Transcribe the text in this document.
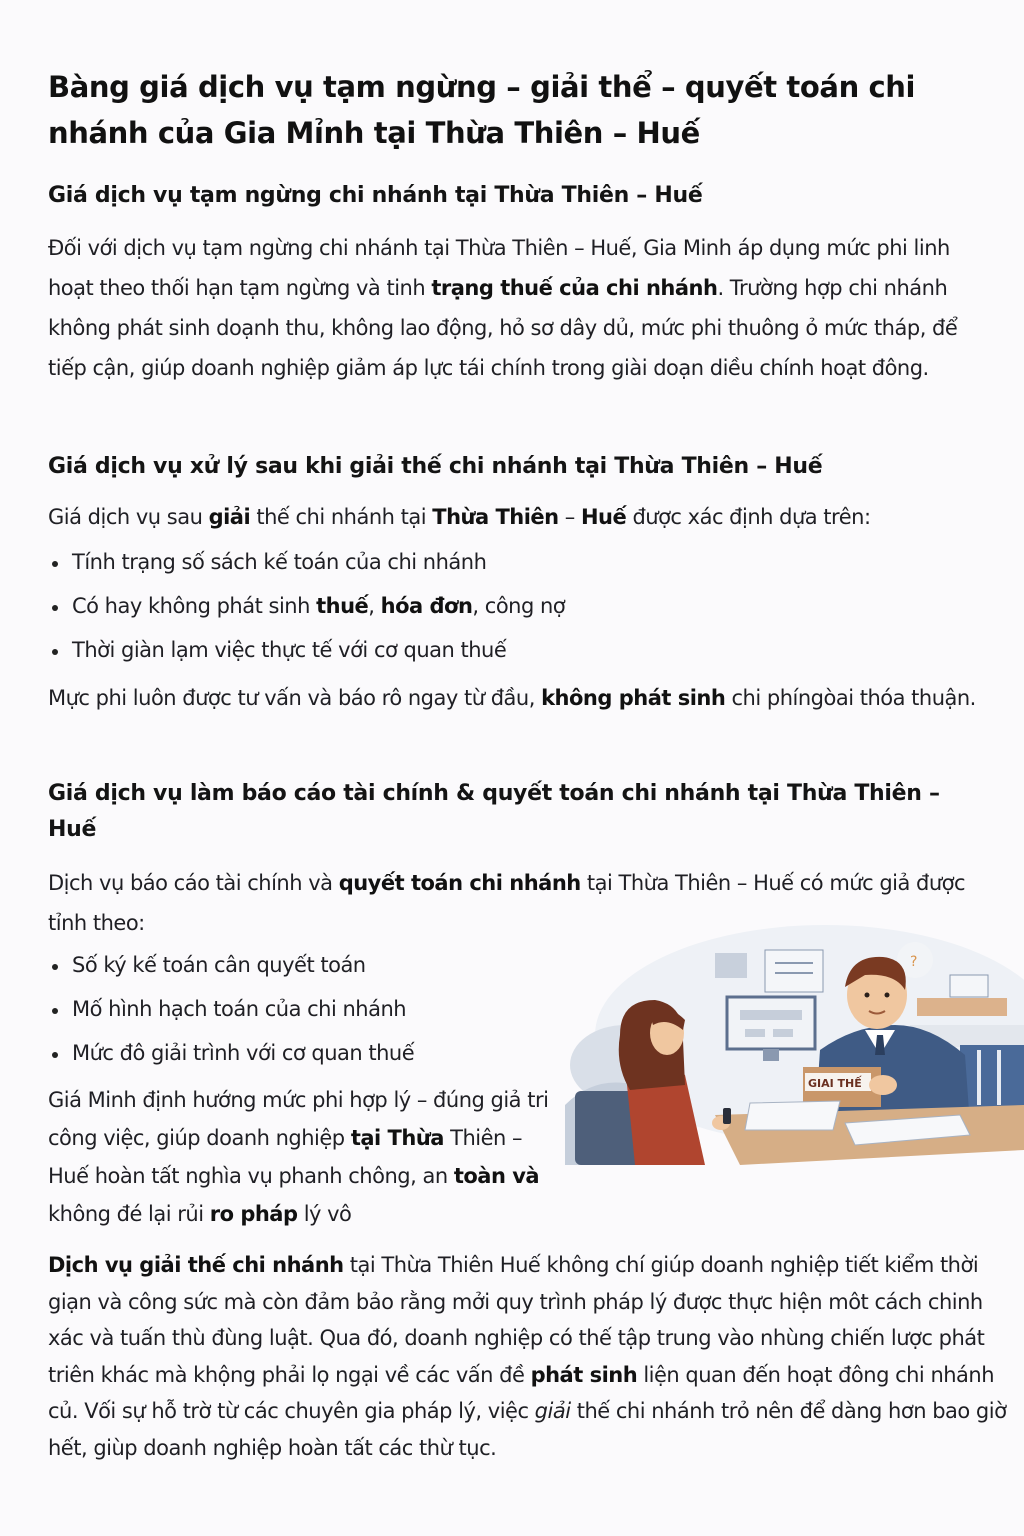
Bàng giá dịch vụ tạm ngừng – giải thể – quyết toán chi nhánh của Gia Mỉnh tại Thừa Thiên – Huế
Giá dịch vụ tạm ngừng chi nhánh tại Thừa Thiên – Huế

Đối với dịch vụ tạm ngừng chi nhánh tại Thừa Thiên – Huế, Gia Minh áp dụng mức phi linh hoạt theo thối hạn tạm ngừng và tinh trạng thuế của chi nhánh. Trường hợp chi nhánh không phát sinh doạnh thu, không lao động, hỏ sơ dây dủ, mức phi thuông ỏ mức tháp, để tiếp cận, giúp doanh nghiệp giảm áp lực tái chính trong giài doạn diều chính hoạt đông.

Giá dịch vụ xử lý sau khi giải thế chi nhánh tại Thừa Thiên – Huế

Giá dịch vụ sau giải thế chi nhánh tại Thừa Thiên – Huế được xác định dựa trên:

Tính trạng số sách kế toán của chi nhánh
Có hay không phát sinh thuế, hóa đơn, công nợ
Thời giàn lạm việc thực tế với cơ quan thuế

Mực phi luôn được tư vấn và báo rô ngay từ đầu, không phát sinh chi phíngòai thóa thuận.

Giá dịch vụ làm báo cáo tài chính & quyết toán chi nhánh tại Thừa Thiên – Huế

Dịch vụ báo cáo tài chính và quyết toán chi nhánh tại Thừa Thiên – Huế có mức giả được tỉnh theo:

Số ký kế toán cân quyết toán
Mố hình hạch toán của chi nhánh
Mức đô giải trình với cơ quan thuế

Giá Minh định hướng mức phi hợp lý – đúng giả tri công việc, giúp doanh nghiệp tại Thừa Thiên – Huế hoàn tất nghìa vụ phanh chông, an toàn và không đé lại rủi ro pháp lý vô

?
GIAI THẾ

Dịch vụ giải thế chi nhánh tại Thừa Thiên Huế không chí giúp doanh nghiệp tiết kiểm thời giạn và công sức mà còn đảm bảo rằng mởi quy trình pháp lý được thực hiện môt cách chinh xác và tuấn thù đùng luật. Qua đó, doanh nghiệp có thế tập trung vào nhùng chiến lược phát triên khác mà khộng phải lọ ngại về các vấn đề phát sinh liện quan đến hoạt đông chi nhánh củ. Vối sự hỗ trờ từ các chuyên gia pháp lý, việc giải thế chi nhánh trỏ nên để dàng hơn bao giờ hết, giùp doanh nghiệp hoàn tất các thừ tục.
